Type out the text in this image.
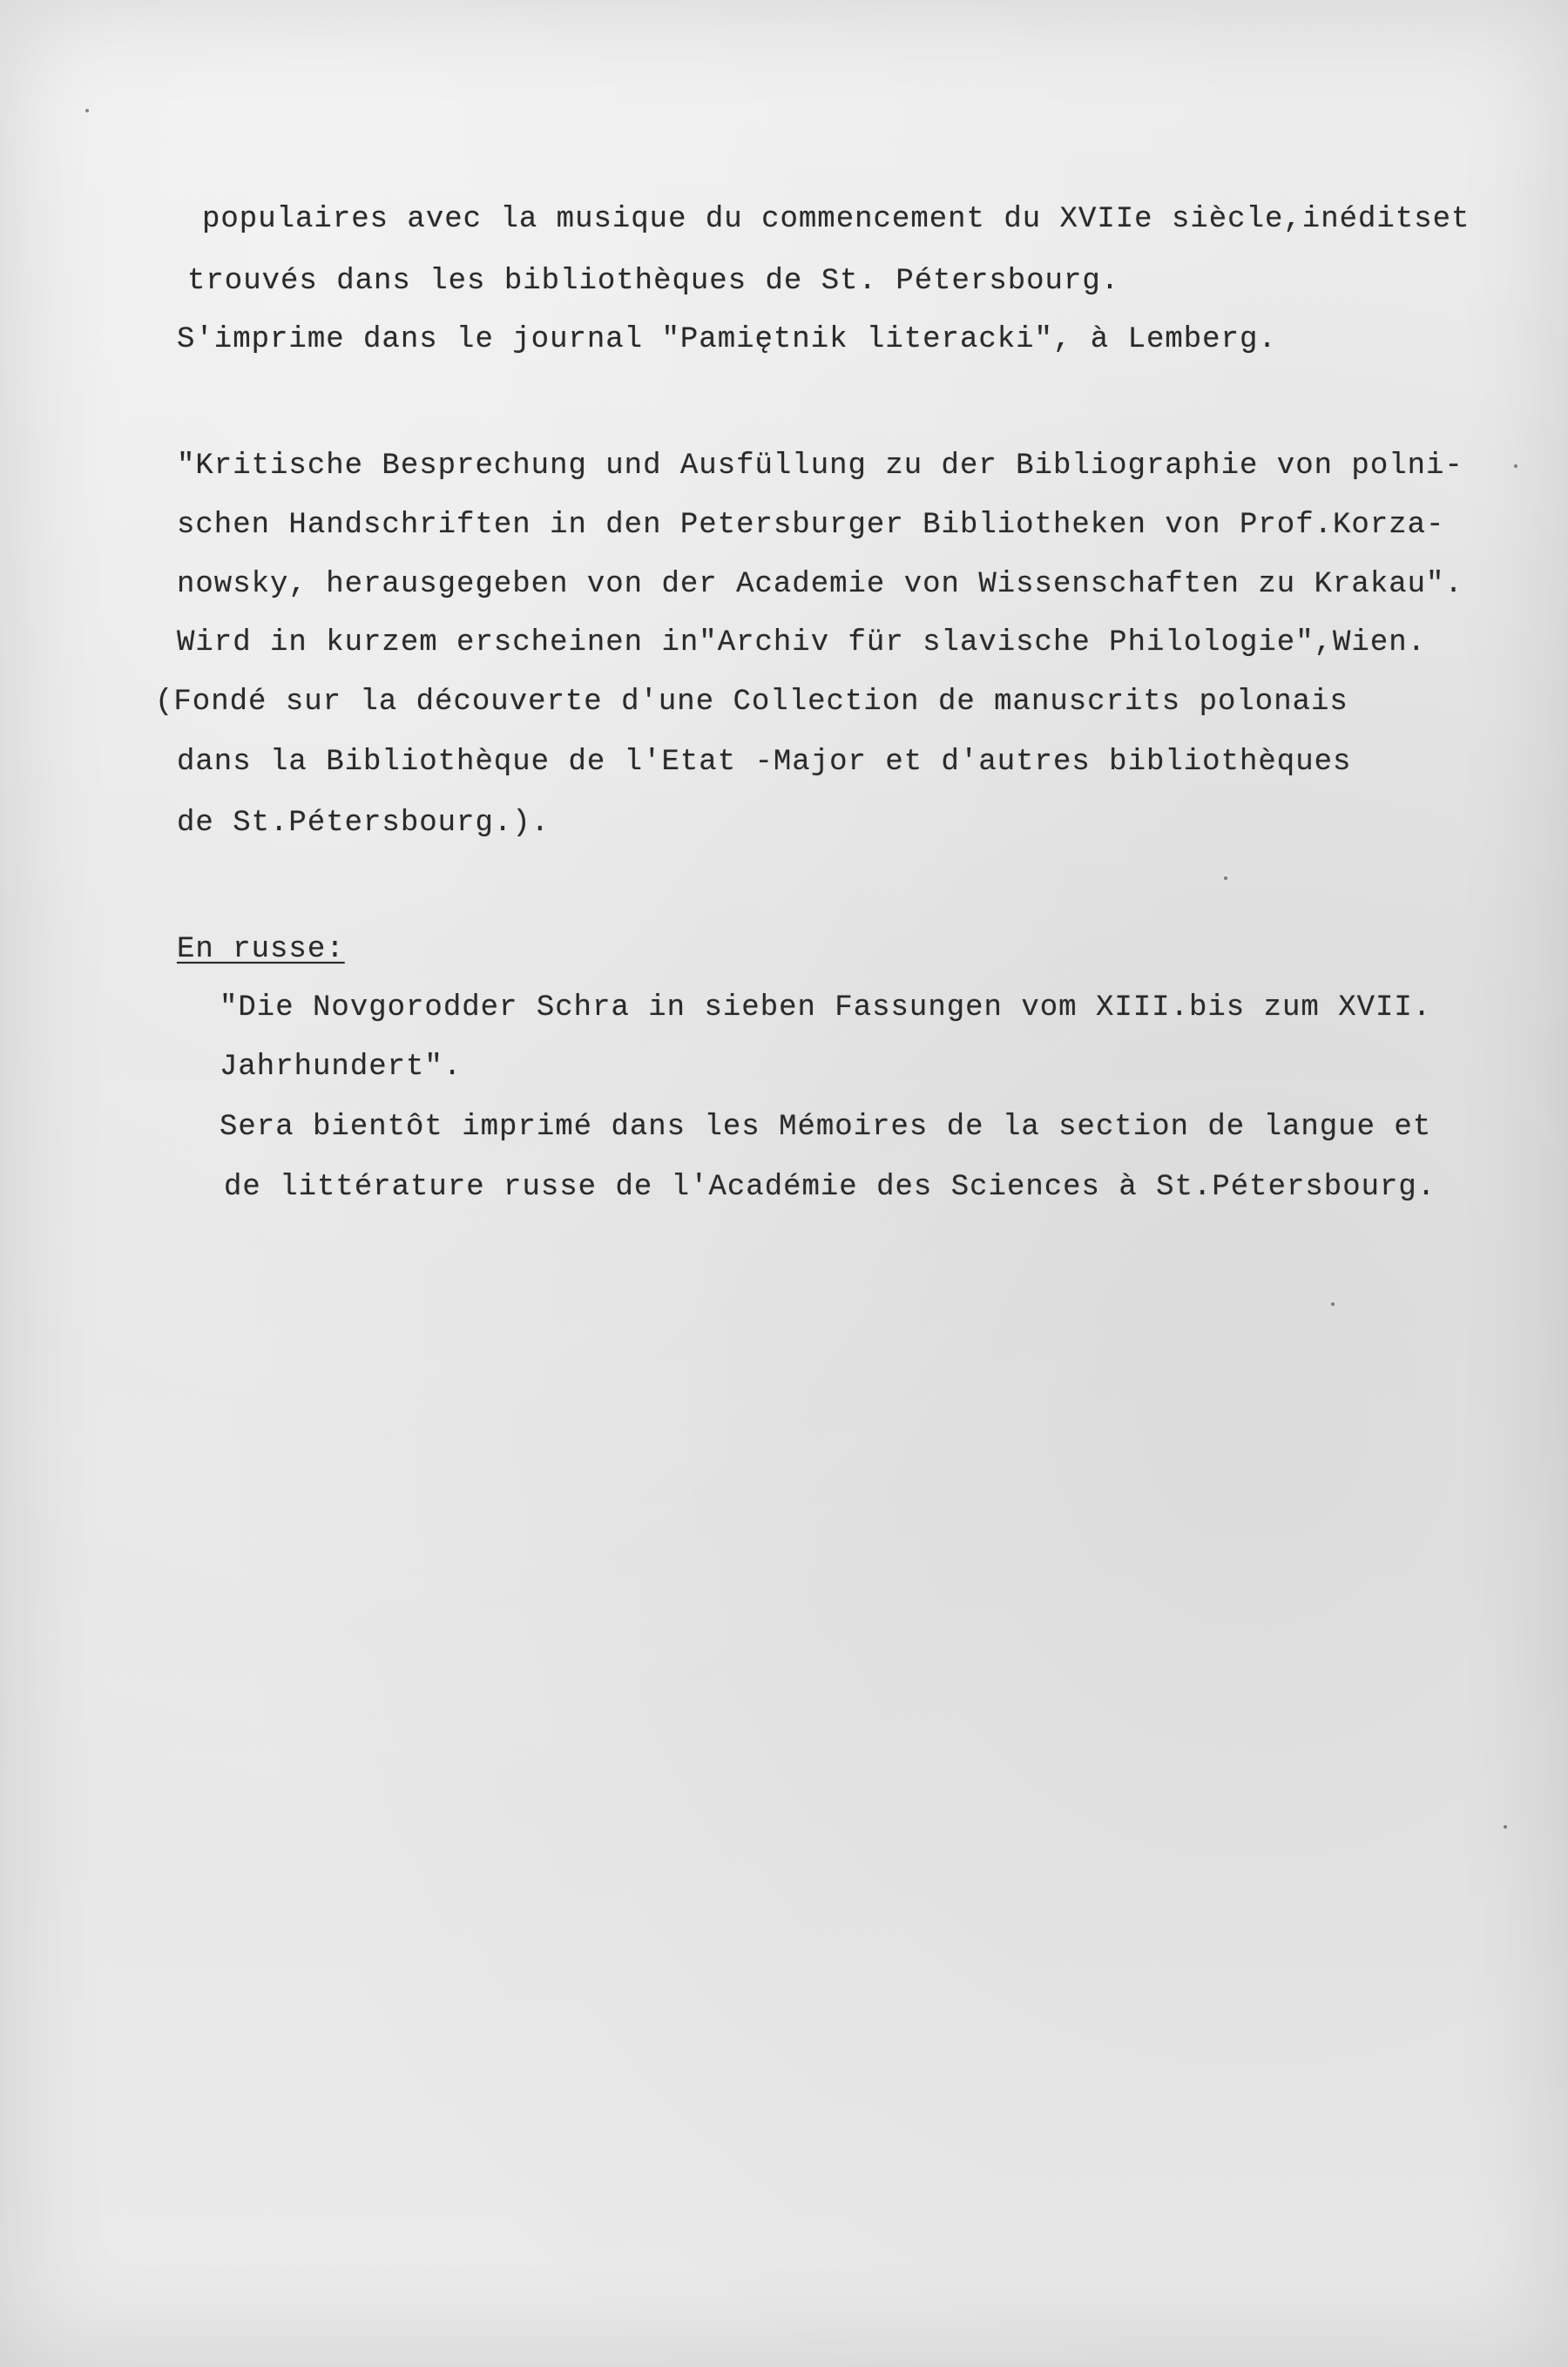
populaires avec la musique du commencement du XVIIe siècle,inéditset
trouvés dans les bibliothèques de St. Pétersbourg.
S'imprime dans le journal "Pamiętnik literacki", à Lemberg.
"Kritische Besprechung und Ausfüllung zu der Bibliographie von polni-
schen Handschriften in den Petersburger Bibliotheken von Prof.Korza-
nowsky, herausgegeben von der Academie von Wissenschaften zu Krakau".
Wird in kurzem erscheinen in"Archiv für slavische Philologie",Wien.
(Fondé sur la découverte d'une Collection de manuscrits polonais
dans la Bibliothèque de l'Etat -Major et d'autres bibliothèques
de St.Pétersbourg.).
En russe:
"Die Novgorodder Schra in sieben Fassungen vom XIII.bis zum XVII.
Jahrhundert".
Sera bientôt imprimé dans les Mémoires de la section de langue et
de littérature russe de l'Académie des Sciences à St.Pétersbourg.
